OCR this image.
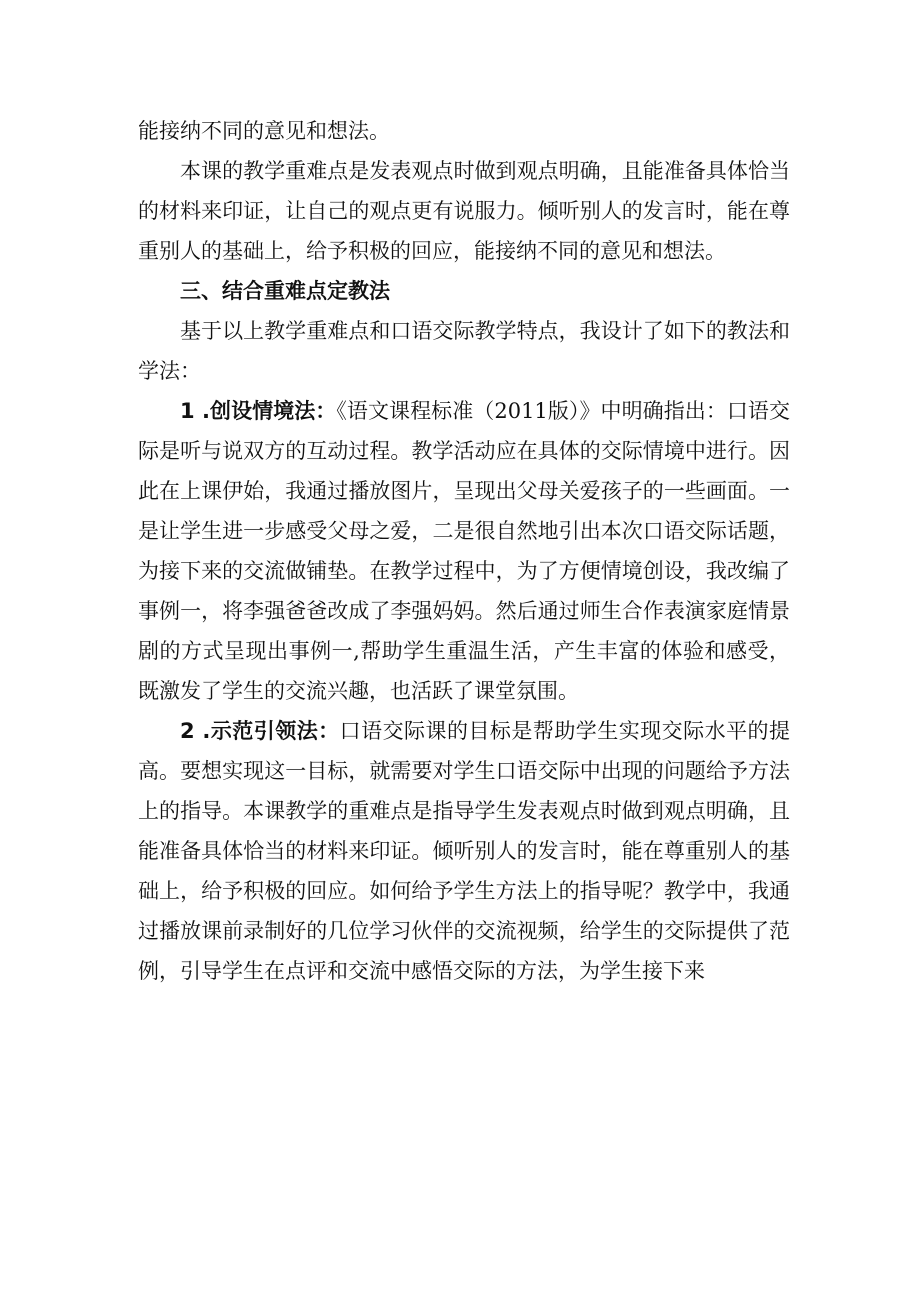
能接纳不同的意见和想法。

本课的教学重难点是发表观点时做到观点明确，且能准备具体恰当的材料来印证，让自己的观点更有说服力。倾听别人的发言时，能在尊重别人的基础上，给予积极的回应，能接纳不同的意见和想法。

三、结合重难点定教法

基于以上教学重难点和口语交际教学特点，我设计了如下的教法和学法：

1 .创设情境法：《语文课程标准（2011版）》中明确指出：口语交际是听与说双方的互动过程。教学活动应在具体的交际情境中进行。因此在上课伊始，我通过播放图片，呈现出父母关爱孩子的一些画面。一是让学生进一步感受父母之爱，二是很自然地引出本次口语交际话题，为接下来的交流做铺垫。在教学过程中，为了方便情境创设，我改编了事例一，将李强爸爸改成了李强妈妈。然后通过师生合作表演家庭情景剧的方式呈现出事例一,帮助学生重温生活，产生丰富的体验和感受，既激发了学生的交流兴趣，也活跃了课堂氛围。

2 .示范引领法：口语交际课的目标是帮助学生实现交际水平的提高。要想实现这一目标，就需要对学生口语交际中出现的问题给予方法上的指导。本课教学的重难点是指导学生发表观点时做到观点明确，且能准备具体恰当的材料来印证。倾听别人的发言时，能在尊重别人的基础上，给予积极的回应。如何给予学生方法上的指导呢？教学中，我通过播放课前录制好的几位学习伙伴的交流视频，给学生的交际提供了范例，引导学生在点评和交流中感悟交际的方法，为学生接下来
